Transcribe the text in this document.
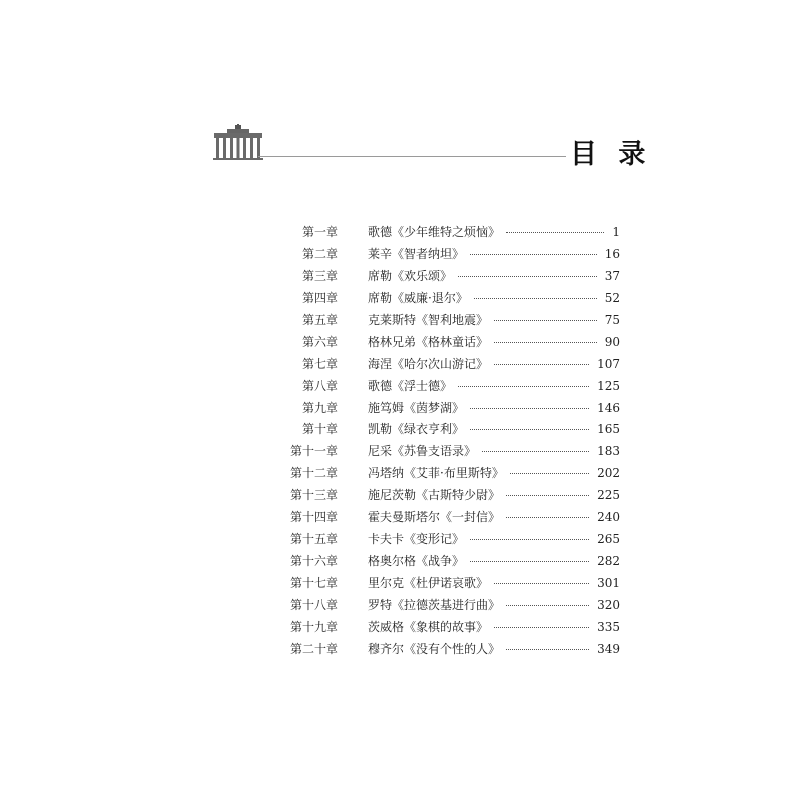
目 录
第一章	歌德《少年维特之烦恼》	1
第二章	莱辛《智者纳坦》	16
第三章	席勒《欢乐颂》	37
第四章	席勒《威廉·退尔》	52
第五章	克莱斯特《智利地震》	75
第六章	格林兄弟《格林童话》	90
第七章	海涅《哈尔次山游记》	107
第八章	歌德《浮士德》	125
第九章	施笃姆《茵梦湖》	146
第十章	凯勒《绿衣亨利》	165
第十一章	尼采《苏鲁支语录》	183
第十二章	冯塔纳《艾菲·布里斯特》	202
第十三章	施尼茨勒《古斯特少尉》	225
第十四章	霍夫曼斯塔尔《一封信》	240
第十五章	卡夫卡《变形记》	265
第十六章	格奥尔格《战争》	282
第十七章	里尔克《杜伊诺哀歌》	301
第十八章	罗特《拉德茨基进行曲》	320
第十九章	茨威格《象棋的故事》	335
第二十章	穆齐尔《没有个性的人》	349
